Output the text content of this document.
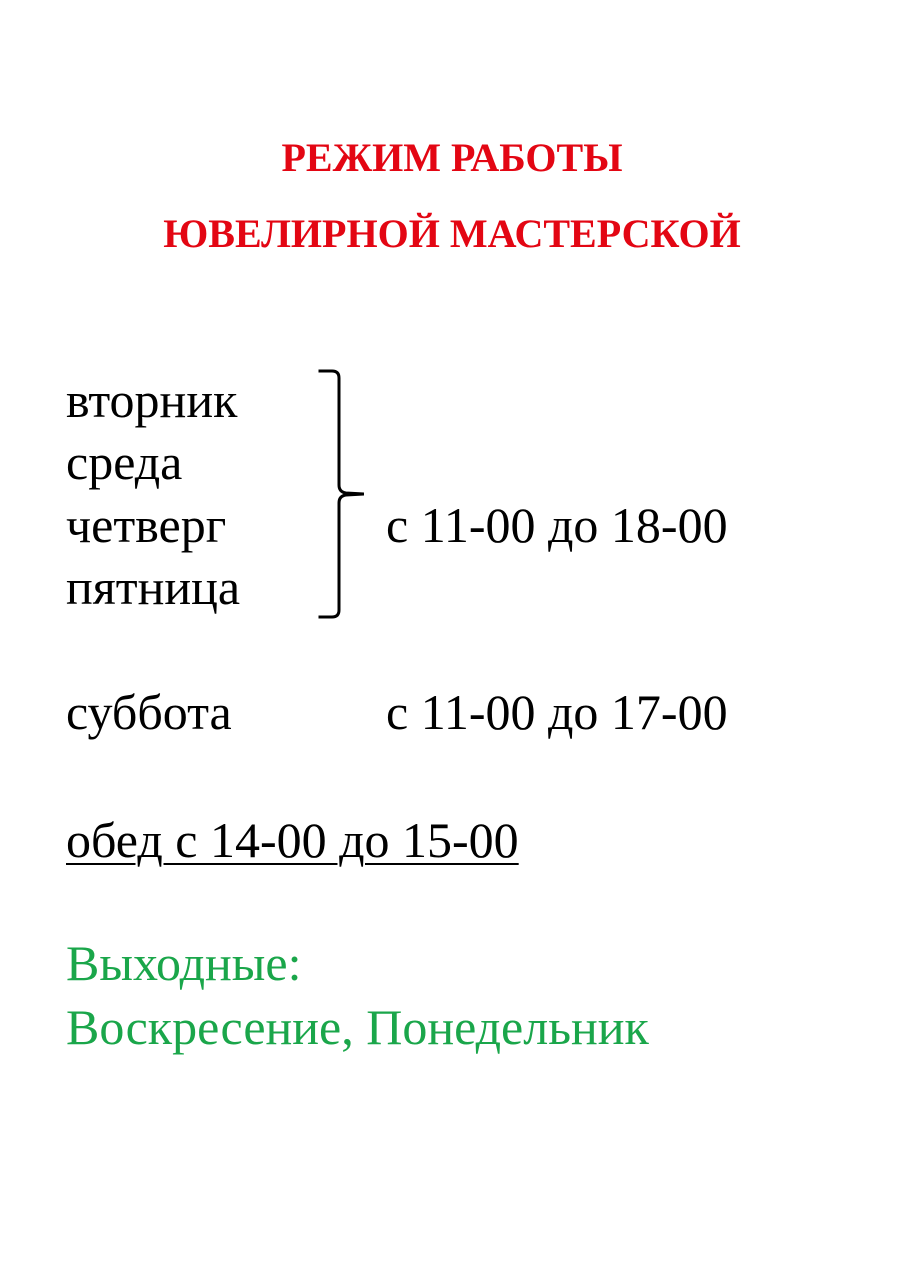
РЕЖИМ РАБОТЫ
ЮВЕЛИРНОЙ МАСТЕРСКОЙ
вторник
среда
четверг
пятница
с 11-00 до 18-00
суббота	с 11-00 до 17-00
обед с 14-00 до 15-00
Выходные:
Воскресение, Понедельник
